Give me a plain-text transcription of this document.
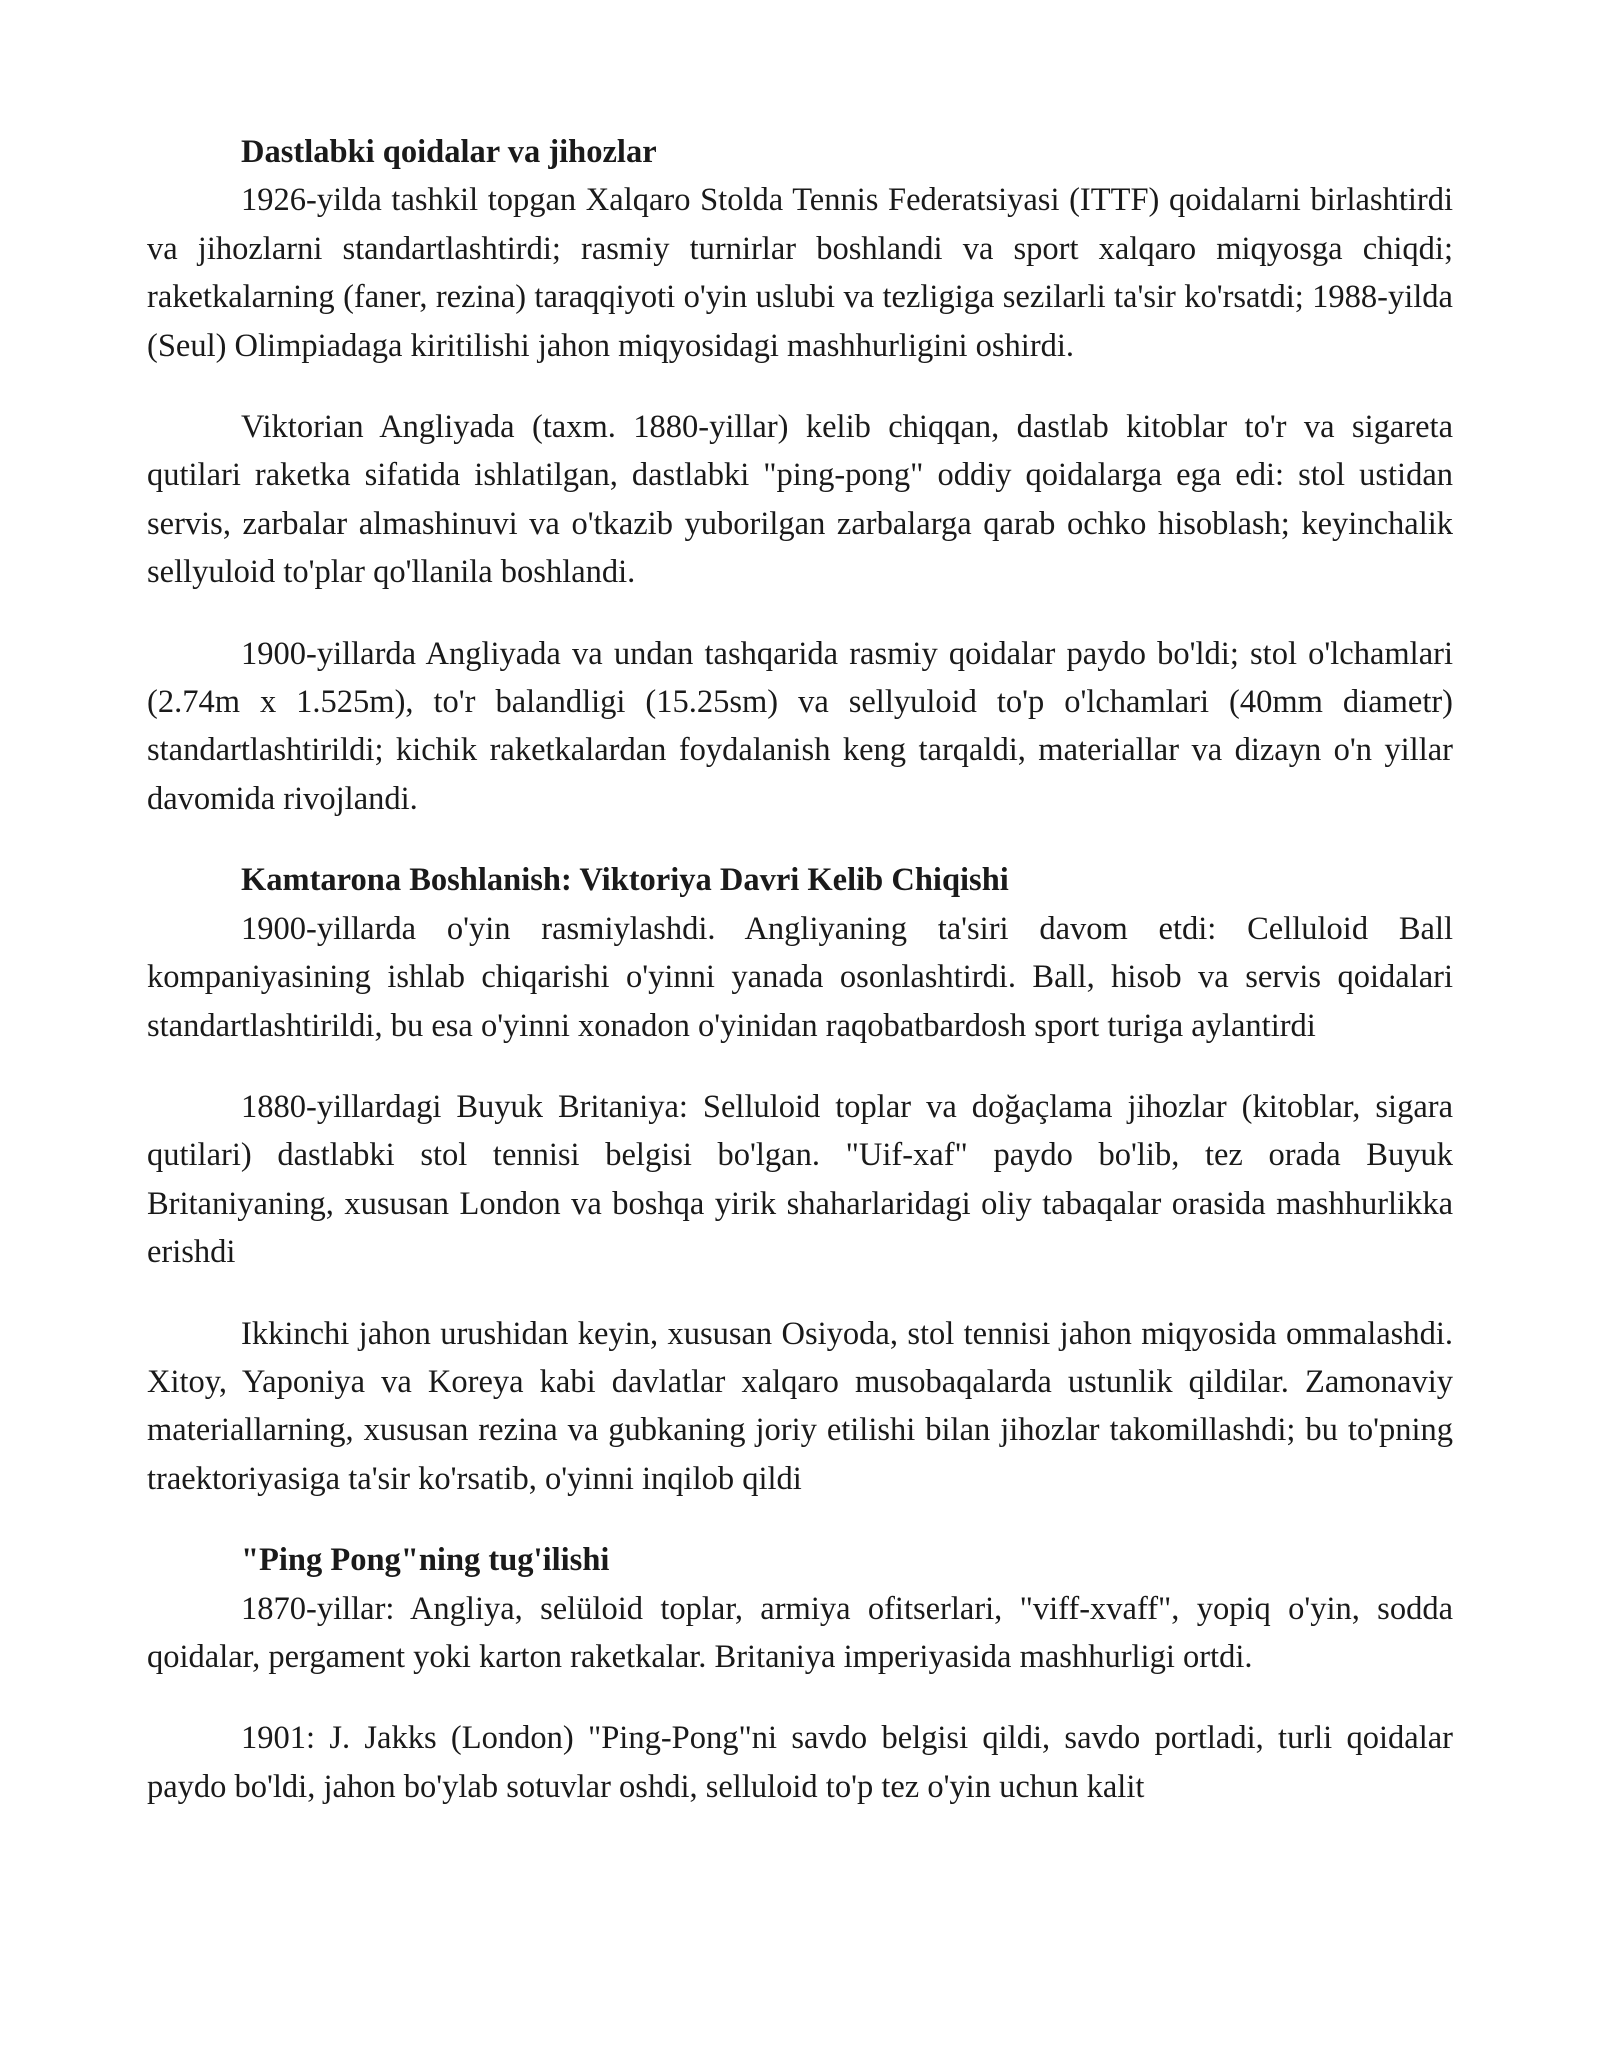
Dastlabki qoidalar va jihozlar

1926-yilda tashkil topgan Xalqaro Stolda Tennis Federatsiyasi (ITTF) qoidalarni birlashtirdi va jihozlarni standartlashtirdi; rasmiy turnirlar boshlandi va sport xalqaro miqyosga chiqdi; raketkalarning (faner, rezina) taraqqiyoti o'yin uslubi va tezligiga sezilarli ta'sir ko'rsatdi; 1988-yilda (Seul) Olimpiadaga kiritilishi jahon miqyosidagi mashhurligini oshirdi.

Viktorian Angliyada (taxm. 1880-yillar) kelib chiqqan, dastlab kitoblar to'r va sigareta qutilari raketka sifatida ishlatilgan, dastlabki "ping-pong" oddiy qoidalarga ega edi: stol ustidan servis, zarbalar almashinuvi va o'tkazib yuborilgan zarbalarga qarab ochko hisoblash; keyinchalik sellyuloid to'plar qo'llanila boshlandi.

1900-yillarda Angliyada va undan tashqarida rasmiy qoidalar paydo bo'ldi; stol o'lchamlari (2.74m x 1.525m), to'r balandligi (15.25sm) va sellyuloid to'p o'lchamlari (40mm diametr) standartlashtirildi; kichik raketkalardan foydalanish keng tarqaldi, materiallar va dizayn o'n yillar davomida rivojlandi.

Kamtarona Boshlanish: Viktoriya Davri Kelib Chiqishi

1900-yillarda o'yin rasmiylashdi. Angliyaning ta'siri davom etdi: Celluloid Ball kompaniyasining ishlab chiqarishi o'yinni yanada osonlashtirdi. Ball, hisob va servis qoidalari standartlashtirildi, bu esa o'yinni xonadon o'yinidan raqobatbardosh sport turiga aylantirdi

1880-yillardagi Buyuk Britaniya: Selluloid toplar va doğaçlama jihozlar (kitoblar, sigara qutilari) dastlabki stol tennisi belgisi bo'lgan. "Uif-xaf" paydo bo'lib, tez orada Buyuk Britaniyaning, xususan London va boshqa yirik shaharlaridagi oliy tabaqalar orasida mashhurlikka erishdi

Ikkinchi jahon urushidan keyin, xususan Osiyoda, stol tennisi jahon miqyosida ommalashdi. Xitoy, Yaponiya va Koreya kabi davlatlar xalqaro musobaqalarda ustunlik qildilar. Zamonaviy materiallarning, xususan rezina va gubkaning joriy etilishi bilan jihozlar takomillashdi; bu to'pning traektoriyasiga ta'sir ko'rsatib, o'yinni inqilob qildi

"Ping Pong"ning tug'ilishi

1870-yillar: Angliya, selüloid toplar, armiya ofitserlari, "viff-xvaff", yopiq o'yin, sodda qoidalar, pergament yoki karton raketkalar. Britaniya imperiyasida mashhurligi ortdi.

1901: J. Jakks (London) "Ping-Pong"ni savdo belgisi qildi, savdo portladi, turli qoidalar paydo bo'ldi, jahon bo'ylab sotuvlar oshdi, selluloid to'p tez o'yin uchun kalit
